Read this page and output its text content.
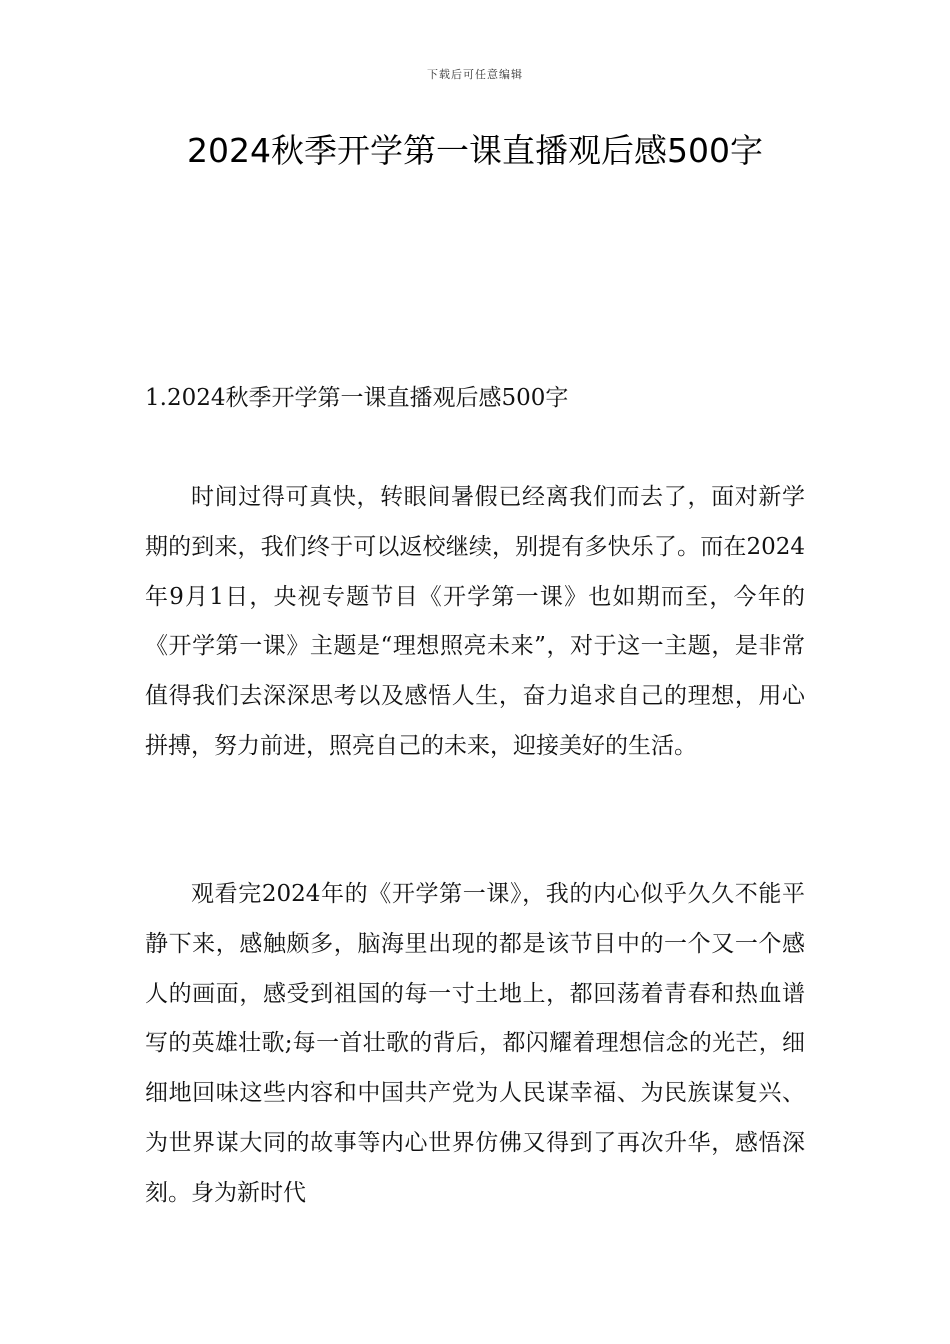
下载后可任意编辑
2024秋季开学第一课直播观后感500字

1.2024秋季开学第一课直播观后感500字

时间过得可真快，转眼间暑假已经离我们而去了，面对新学期的到来，我们终于可以返校继续，别提有多快乐了。而在2024年9月1日，央视专题节目《开学第一课》也如期而至，今年的《开学第一课》主题是“理想照亮未来”，对于这一主题，是非常值得我们去深深思考以及感悟人生，奋力追求自己的理想，用心拼搏，努力前进，照亮自己的未来，迎接美好的生活。

观看完2024年的《开学第一课》，我的内心似乎久久不能平静下来，感触颇多，脑海里出现的都是该节目中的一个又一个感人的画面，感受到祖国的每一寸土地上，都回荡着青春和热血谱写的英雄壮歌;每一首壮歌的背后，都闪耀着理想信念的光芒，细细地回味这些内容和中国共产党为人民谋幸福、为民族谋复兴、为世界谋大同的故事等内心世界仿佛又得到了再次升华，感悟深刻。身为新时代
